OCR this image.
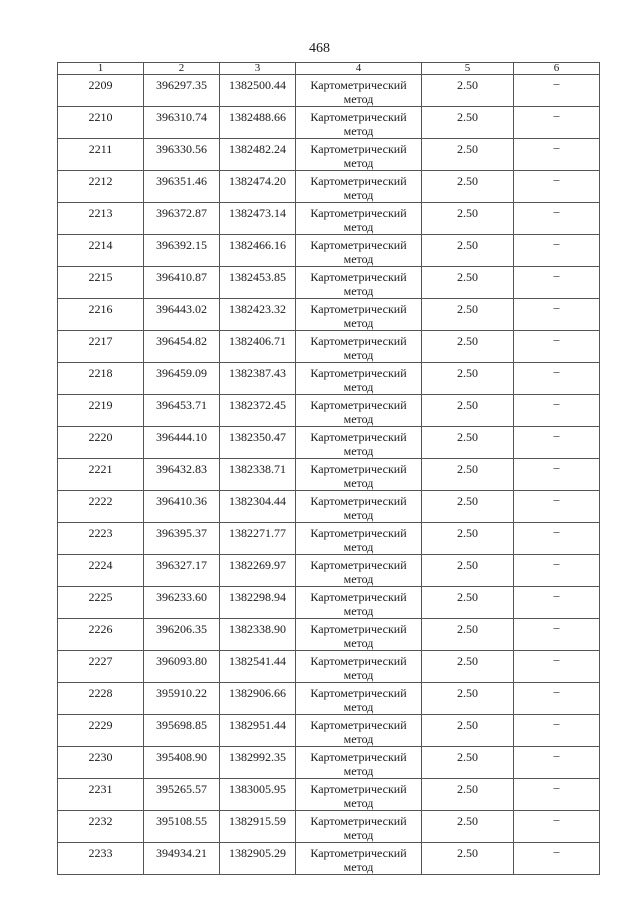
468
1	2	3	4	5	6

2209	396297.35	1382500.44	Картометрический
метод	2.50	–

2210	396310.74	1382488.66	Картометрический
метод	2.50	–

2211	396330.56	1382482.24	Картометрический
метод	2.50	–

2212	396351.46	1382474.20	Картометрический
метод	2.50	–

2213	396372.87	1382473.14	Картометрический
метод	2.50	–

2214	396392.15	1382466.16	Картометрический
метод	2.50	–

2215	396410.87	1382453.85	Картометрический
метод	2.50	–

2216	396443.02	1382423.32	Картометрический
метод	2.50	–

2217	396454.82	1382406.71	Картометрический
метод	2.50	–

2218	396459.09	1382387.43	Картометрический
метод	2.50	–

2219	396453.71	1382372.45	Картометрический
метод	2.50	–

2220	396444.10	1382350.47	Картометрический
метод	2.50	–

2221	396432.83	1382338.71	Картометрический
метод	2.50	–

2222	396410.36	1382304.44	Картометрический
метод	2.50	–

2223	396395.37	1382271.77	Картометрический
метод	2.50	–

2224	396327.17	1382269.97	Картометрический
метод	2.50	–

2225	396233.60	1382298.94	Картометрический
метод	2.50	–

2226	396206.35	1382338.90	Картометрический
метод	2.50	–

2227	396093.80	1382541.44	Картометрический
метод	2.50	–

2228	395910.22	1382906.66	Картометрический
метод	2.50	–

2229	395698.85	1382951.44	Картометрический
метод	2.50	–

2230	395408.90	1382992.35	Картометрический
метод	2.50	–

2231	395265.57	1383005.95	Картометрический
метод	2.50	–

2232	395108.55	1382915.59	Картометрический
метод	2.50	–

2233	394934.21	1382905.29	Картометрический
метод	2.50	–
